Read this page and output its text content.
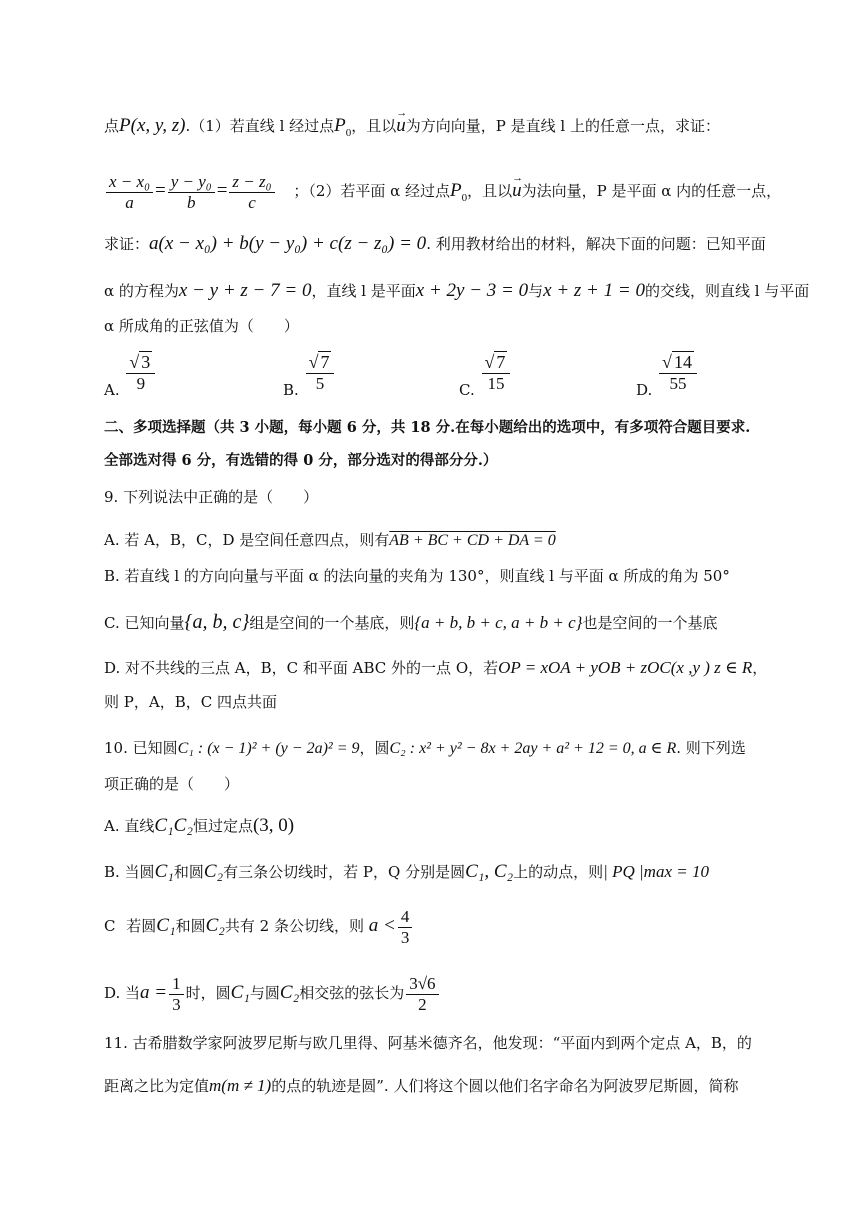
点P(x, y, z).（1）若直线 l 经过点$P_0$，且以→ u为方向向量，P 是直线 l 上的任意一点，求证：
$\frac{\text{x − x₀}}{a} = \frac{\text{y − y₀}}{b} = \frac{\text{z − z₀}}{c}$ ；（2）若平面 α 经过点$P_0$，且以→ u为法向量，P 是平面 α 内的任意一点，
求证：a(x − x₀) + b(y − y₀) + c(z − z₀) = 0. 利用教材给出的材料，解决下面的问题：已知平面
α 的方程为x − y + z − 7 = 0，直线 l 是平面x + 2y − 3 = 0与x + z + 1 = 0的交线，则直线 l 与平面
α 所成角的正弦值为（　　）
A. $\frac{√ 3}{9}$	B. $\frac{√ 7}{5}$	C. $\frac{√ 7}{15}$	D. $\frac{√ 14}{55}$
二、多项选择题（共 3 小题，每小题 6 分，共 18 分.在每小题给出的选项中，有多项符合题目要求.
全部选对得 6 分，有选错的得 0 分，部分选对的得部分分.）
9. 下列说法中正确的是（　　）
A. 若 A，B，C，D 是空间任意四点，则有AB + BC + CD + DA = 0
B. 若直线 l 的方向向量与平面 α 的法向量的夹角为 130°，则直线 l 与平面 α 所成的角为 50°
C. 已知向量{a, b, c}组是空间的一个基底，则{a + b, b + c, a + b + c}也是空间的一个基底
D. 对不共线的三点 A，B，C 和平面 ABC 外的一点 O，若OP = xOA + yOB + zOC(x ,y ) z ∈ R，
则 P，A，B，C 四点共面
10. 已知圆C₁ : (x − 1)² + (y − 2a)² = 9，圆C₂ : x² + y² − 8x + 2ay + a² + 12 = 0, a ∈ R. 则下列选
项正确的是（　　）
A. 直线C₁C₂恒过定点(3, 0)
B. 当圆C₁和圆C₂有三条公切线时，若 P，Q 分别是圆C₁, C₂上的动点，则| PQ |max = 10
C 若圆C₁和圆C₂共有 2 条公切线，则 $a < \frac{4}{3}$
D. 当$a = \frac{1}{3}$ 时，圆C₁与圆C₂相交弦的弦长为 $\frac{3√6}{2}$
11. 古希腊数学家阿波罗尼斯与欧几里得、阿基米德齐名，他发现：“平面内到两个定点 A，B，的
距离之比为定值m(m ≠ 1)的点的轨迹是圆”. 人们将这个圆以他们名字命名为阿波罗尼斯圆，简称
